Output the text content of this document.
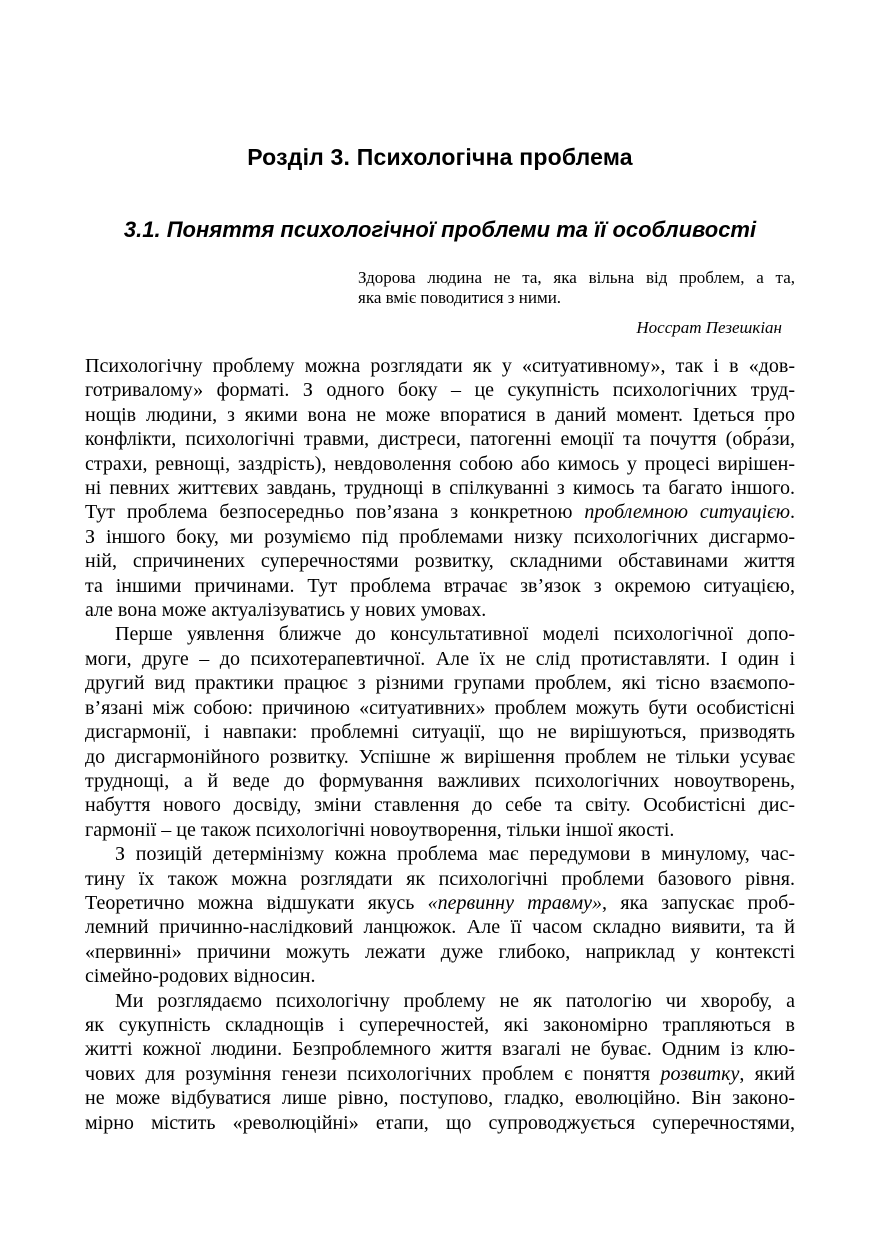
Розділ 3. Психологічна проблема
3.1. Поняття психологічної проблеми та її особливості
Здорова людина не та, яка вільна від проблем, а та,
яка вміє поводитися з ними.
Носсрат Пезешкіан
Психологічну проблему можна розглядати як у «ситуативному», так і в «дов-
готривалому» форматі. З одного боку – це сукупність психологічних труд-
нощів людини, з якими вона не може впоратися в даний момент. Ідеться про
конфлікти, психологічні травми, дистреси, патогенні емоції та почуття (обра́зи,
страхи, ревнощі, заздрість), невдоволення собою або кимось у процесі вирішен-
ні певних життєвих завдань, труднощі в спілкуванні з кимось та багато іншого.
Тут проблема безпосередньо пов’язана з конкретною проблемною ситуацією.
З іншого боку, ми розуміємо під проблемами низку психологічних дисгармо-
ній, спричинених суперечностями розвитку, складними обставинами життя
та іншими причинами. Тут проблема втрачає зв’язок з окремою ситуацією,
але вона може актуалізуватись у нових умовах.
Перше уявлення ближче до консультативної моделі психологічної допо-
моги, друге – до психотерапевтичної. Але їх не слід протиставляти. І один і
другий вид практики працює з різними групами проблем, які тісно взаємопо-
в’язані між собою: причиною «ситуативних» проблем можуть бути особистісні
дисгармонії, і навпаки: проблемні ситуації, що не вирішуються, призводять
до дисгармонійного розвитку. Успішне ж вирішення проблем не тільки усуває
труднощі, а й веде до формування важливих психологічних новоутворень,
набуття нового досвіду, зміни ставлення до себе та світу. Особистісні дис-
гармонії – це також психологічні новоутворення, тільки іншої якості.
З позицій детермінізму кожна проблема має передумови в минулому, час-
тину їх також можна розглядати як психологічні проблеми базового рівня.
Теоретично можна відшукати якусь «первинну травму», яка запускає проб-
лемний причинно-наслідковий ланцюжок. Але її часом складно виявити, та й
«первинні» причини можуть лежати дуже глибоко, наприклад у контексті
сімейно-родових відносин.
Ми розглядаємо психологічну проблему не як патологію чи хворобу, а
як сукупність складнощів і суперечностей, які закономірно трапляються в
житті кожної людини. Безпроблемного життя взагалі не буває. Одним із клю-
чових для розуміння генези психологічних проблем є поняття розвитку, який
не може відбуватися лише рівно, поступово, гладко, еволюційно. Він законо-
мірно містить «революційні» етапи, що супроводжується суперечностями,
